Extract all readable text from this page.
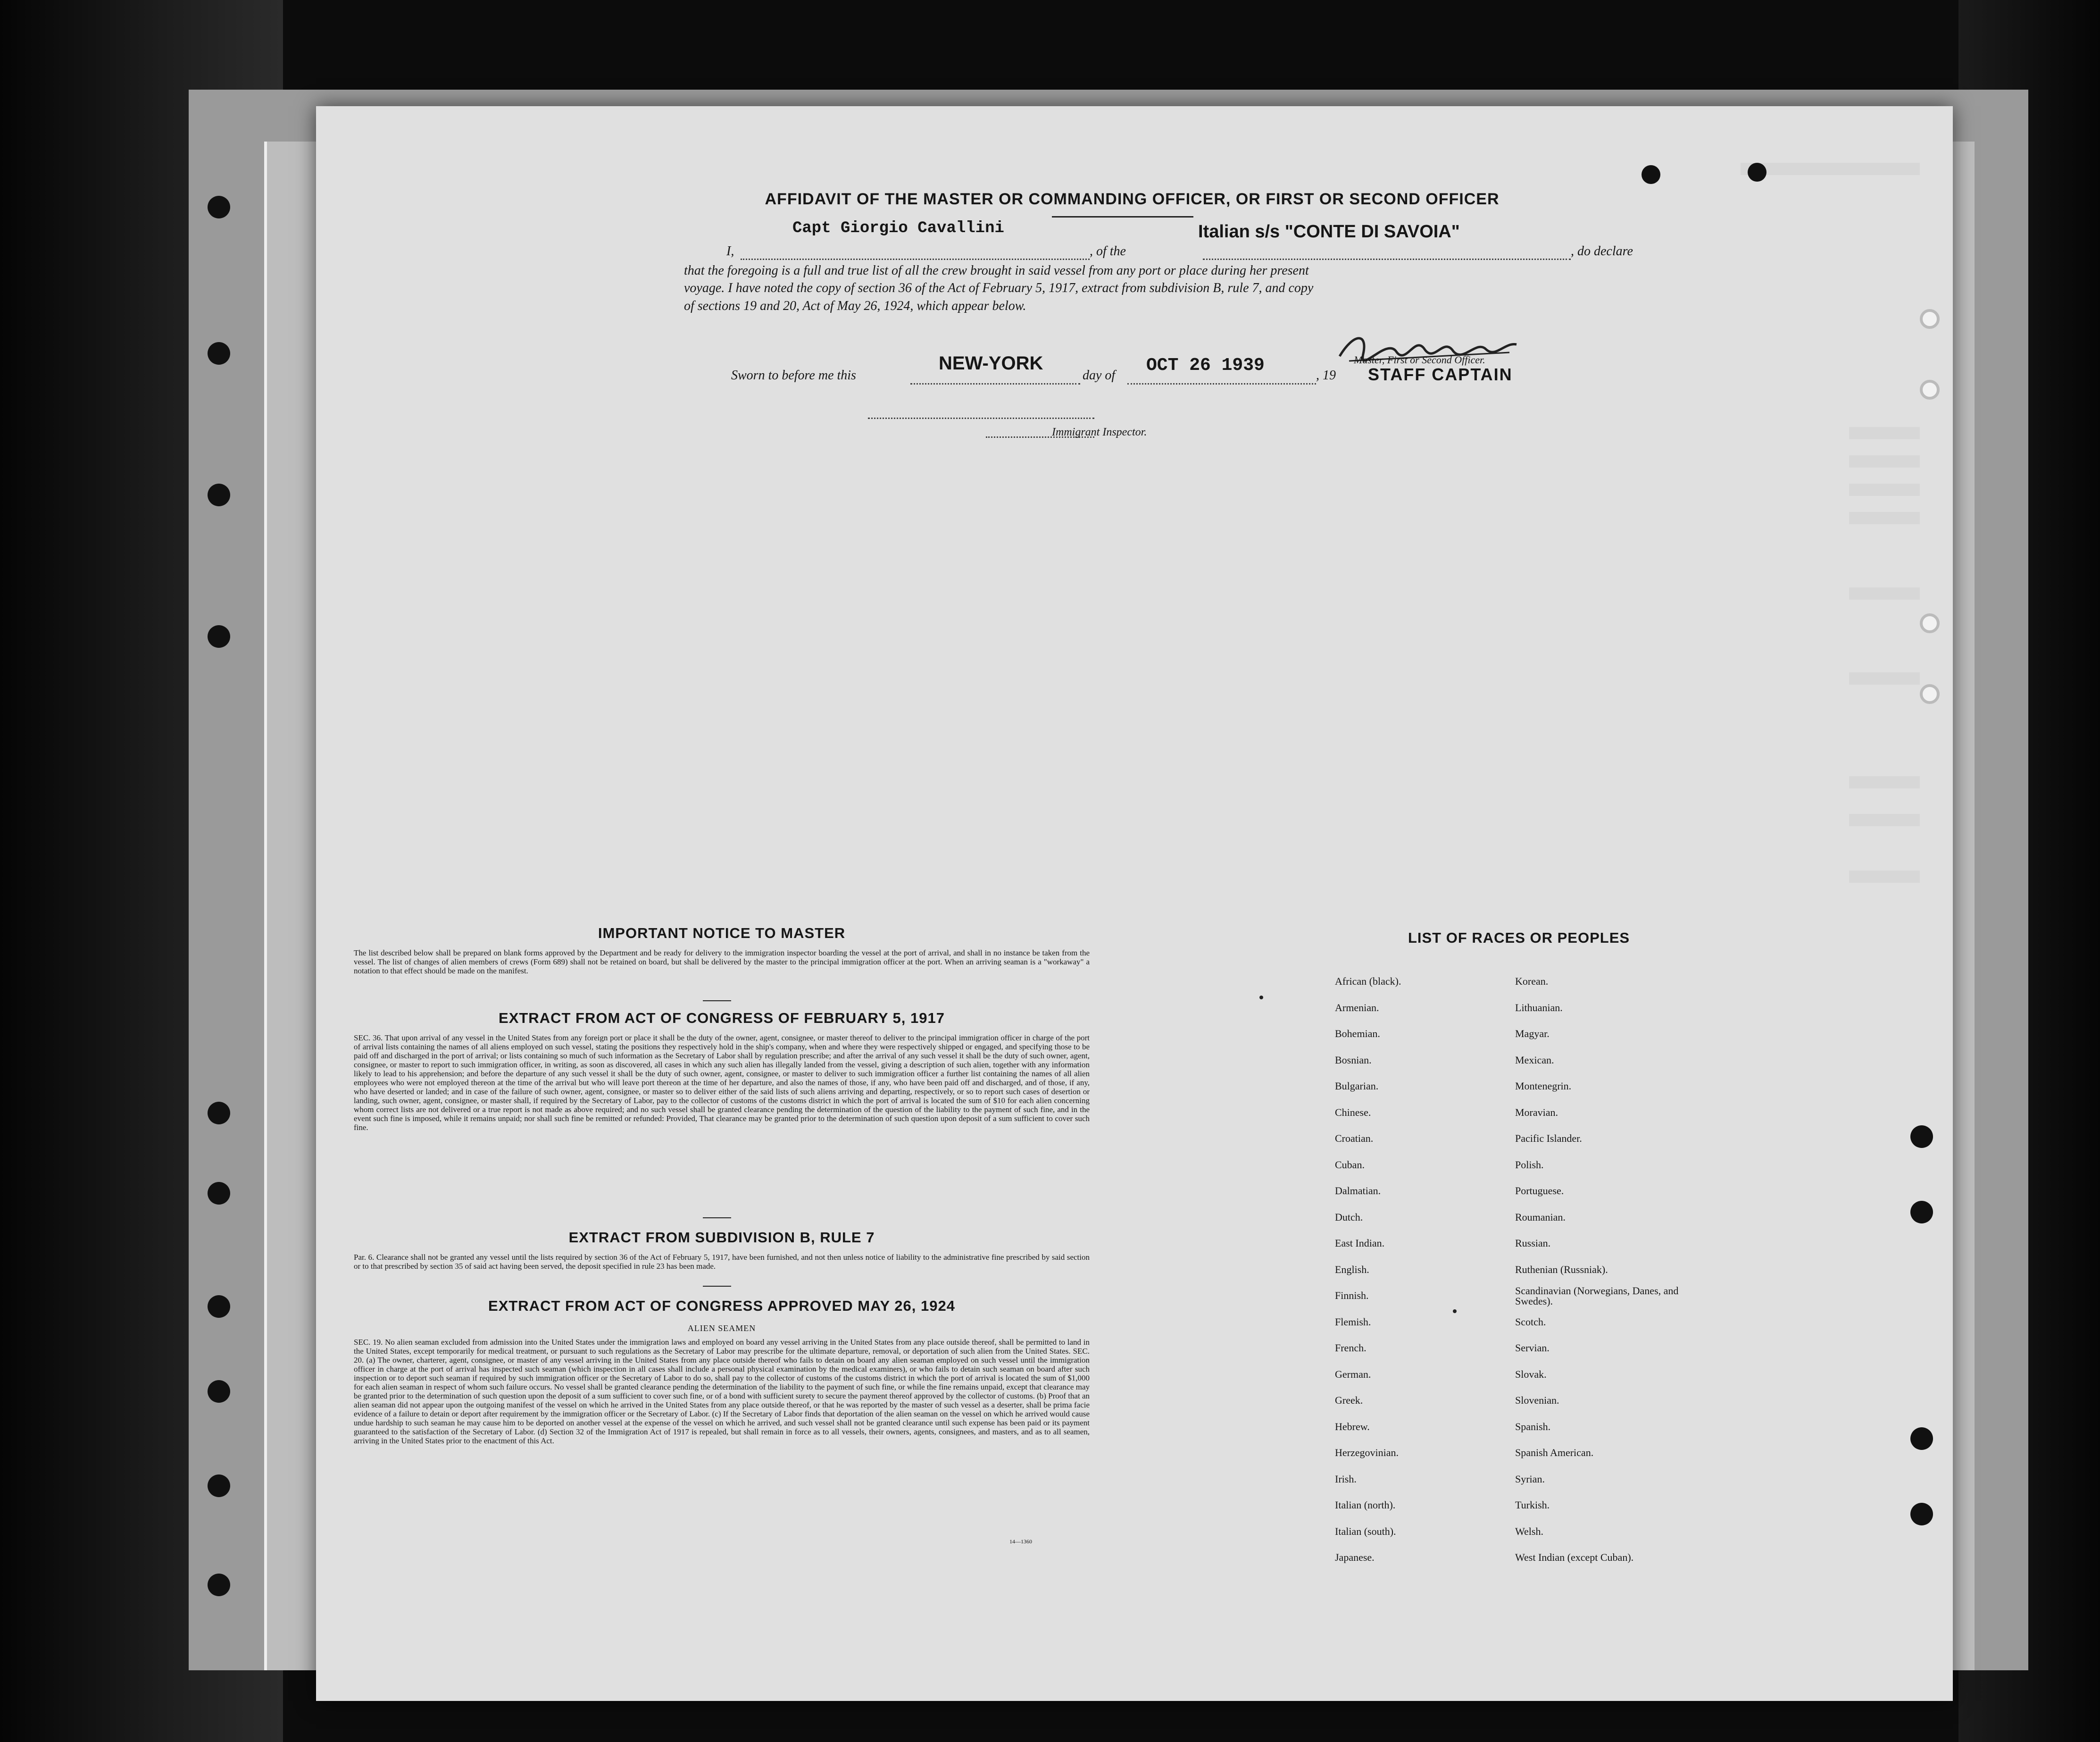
AFFIDAVIT OF THE MASTER OR COMMANDING OFFICER, OR FIRST OR SECOND OFFICER
I,
Capt Giorgio Cavallini
, of the
Italian s/s "CONTE DI SAVOIA"
, do declare
that the foregoing is a full and true list of all the crew brought in said vessel from any port or place during her present
voyage. I have noted the copy of section 36 of the Act of February 5, 1917, extract from subdivision B, rule 7, and copy
of sections 19 and 20, Act of May 26, 1924, which appear below.
Master, First or Second Officer.
Sworn to before me this
NEW-YORK
day of OCT 26 1939	, 19 STAFF CAPTAIN
Immigrant Inspector.
IMPORTANT NOTICE TO MASTER
The list described below shall be prepared on blank forms approved by the Department and be ready for delivery to the immigration inspector boarding the vessel at the port of arrival, and shall in no instance be taken from the vessel. The list of changes of alien members of crews (Form 689) shall not be retained on board, but shall be delivered by the master to the principal immigration officer at the port. When an arriving seaman is a "workaway" a notation to that effect should be made on the manifest.
EXTRACT FROM ACT OF CONGRESS OF FEBRUARY 5, 1917
SEC. 36. That upon arrival of any vessel in the United States from any foreign port or place it shall be the duty of the owner, agent, consignee, or master thereof to deliver to the principal immigration officer in charge of the port of arrival lists containing the names of all aliens employed on such vessel, stating the positions they respectively hold in the ship's company, when and where they were respectively shipped or engaged, and specifying those to be paid off and discharged in the port of arrival; or lists containing so much of such information as the Secretary of Labor shall by regulation prescribe; and after the arrival of any such vessel it shall be the duty of such owner, agent, consignee, or master to report to such immigration officer, in writing, as soon as discovered, all cases in which any such alien has illegally landed from the vessel, giving a description of such alien, together with any information likely to lead to his apprehension; and before the departure of any such vessel it shall be the duty of such owner, agent, consignee, or master to deliver to such immigration officer a further list containing the names of all alien employees who were not employed thereon at the time of the arrival but who will leave port thereon at the time of her departure, and also the names of those, if any, who have been paid off and discharged, and of those, if any, who have deserted or landed; and in case of the failure of such owner, agent, consignee, or master so to deliver either of the said lists of such aliens arriving and departing, respectively, or so to report such cases of desertion or landing, such owner, agent, consignee, or master shall, if required by the Secretary of Labor, pay to the collector of customs of the customs district in which the port of arrival is located the sum of $10 for each alien concerning whom correct lists are not delivered or a true report is not made as above required; and no such vessel shall be granted clearance pending the determination of the question of the liability to the payment of such fine, and in the event such fine is imposed, while it remains unpaid; nor shall such fine be remitted or refunded: Provided, That clearance may be granted prior to the determination of such question upon deposit of a sum sufficient to cover such fine.
EXTRACT FROM SUBDIVISION B, RULE 7
Par. 6. Clearance shall not be granted any vessel until the lists required by section 36 of the Act of February 5, 1917, have been furnished, and not then unless notice of liability to the administrative fine prescribed by said section or to that prescribed by section 35 of said act having been served, the deposit specified in rule 23 has been made.
EXTRACT FROM ACT OF CONGRESS APPROVED MAY 26, 1924
ALIEN SEAMEN
SEC. 19. No alien seaman excluded from admission into the United States under the immigration laws and employed on board any vessel arriving in the United States from any place outside thereof, shall be permitted to land in the United States, except temporarily for medical treatment, or pursuant to such regulations as the Secretary of Labor may prescribe for the ultimate departure, removal, or deportation of such alien from the United States. SEC. 20. (a) The owner, charterer, agent, consignee, or master of any vessel arriving in the United States from any place outside thereof who fails to detain on board any alien seaman employed on such vessel until the immigration officer in charge at the port of arrival has inspected such seaman (which inspection in all cases shall include a personal physical examination by the medical examiners), or who fails to detain such seaman on board after such inspection or to deport such seaman if required by such immigration officer or the Secretary of Labor to do so, shall pay to the collector of customs of the customs district in which the port of arrival is located the sum of $1,000 for each alien seaman in respect of whom such failure occurs. No vessel shall be granted clearance pending the determination of the liability to the payment of such fine, or while the fine remains unpaid, except that clearance may be granted prior to the determination of such question upon the deposit of a sum sufficient to cover such fine, or of a bond with sufficient surety to secure the payment thereof approved by the collector of customs. (b) Proof that an alien seaman did not appear upon the outgoing manifest of the vessel on which he arrived in the United States from any place outside thereof, or that he was reported by the master of such vessel as a deserter, shall be prima facie evidence of a failure to detain or deport after requirement by the immigration officer or the Secretary of Labor. (c) If the Secretary of Labor finds that deportation of the alien seaman on the vessel on which he arrived would cause undue hardship to such seaman he may cause him to be deported on another vessel at the expense of the vessel on which he arrived, and such vessel shall not be granted clearance until such expense has been paid or its payment guaranteed to the satisfaction of the Secretary of Labor. (d) Section 32 of the Immigration Act of 1917 is repealed, but shall remain in force as to all vessels, their owners, agents, consignees, and masters, and as to all seamen, arriving in the United States prior to the enactment of this Act.
14—1360
LIST OF RACES OR PEOPLES
African (black).
Armenian.
Bohemian.
Bosnian.
Bulgarian.
Chinese.
Croatian.
Cuban.
Dalmatian.
Dutch.
East Indian.
English.
Finnish.
Flemish.
French.
German.
Greek.
Hebrew.
Herzegovinian.
Irish.
Italian (north).
Italian (south).
Japanese.
Korean.
Lithuanian.
Magyar.
Mexican.
Montenegrin.
Moravian.
Pacific Islander.
Polish.
Portuguese.
Roumanian.
Russian.
Ruthenian (Russniak).
Scandinavian (Norwegians, Danes, and Swedes).
Scotch.
Servian.
Slovak.
Slovenian.
Spanish.
Spanish American.
Syrian.
Turkish.
Welsh.
West Indian (except Cuban).
